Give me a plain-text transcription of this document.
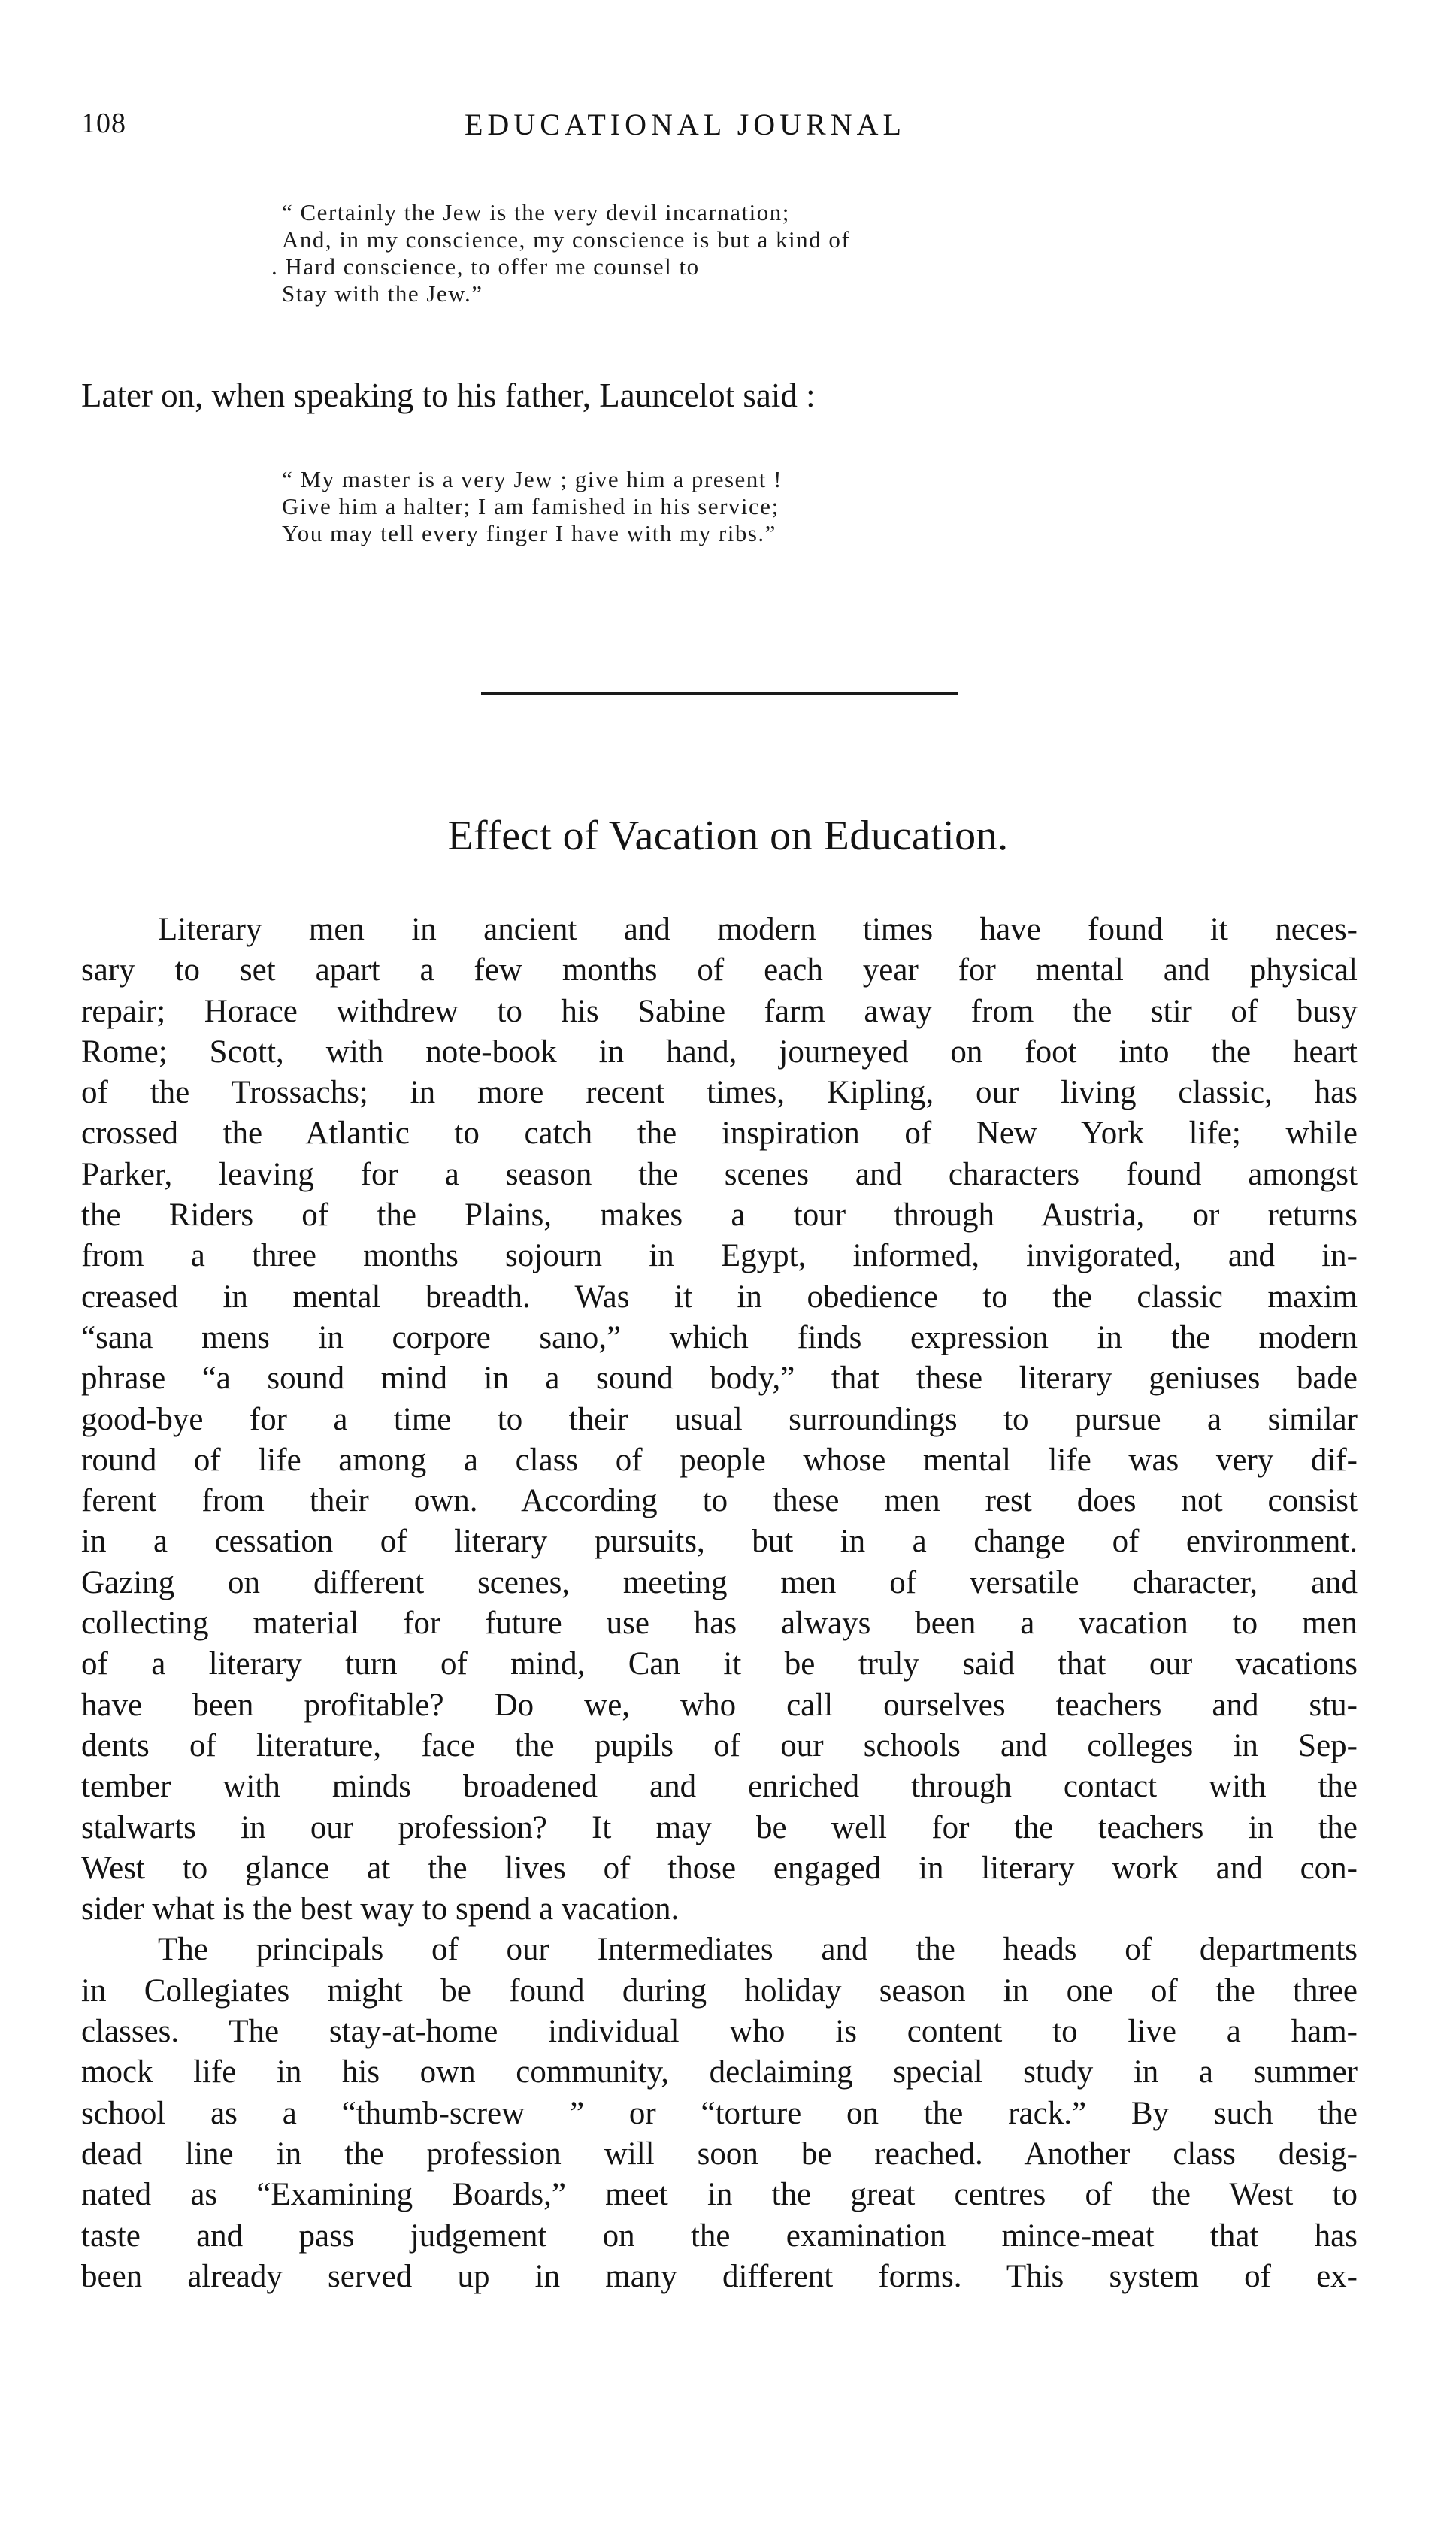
108	EDUCATIONAL JOURNAL
“ Certainly the Jew is the very devil incarnation;
And, in my conscience, my conscience is but a kind of
. Hard conscience, to offer me counsel to
Stay with the Jew.”
Later on, when speaking to his father, Launcelot said :
“ My master is a very Jew ; give him a present !
Give him a halter; I am famished in his service;
You may tell every finger I have with my ribs.”
Effect of Vacation on Education.
Literary men in ancient and modern times have found it neces-
sary to set apart a few months of each year for mental and physical
repair; Horace withdrew to his Sabine farm away from the stir of busy
Rome; Scott, with note-book in hand, journeyed on foot into the heart
of the Trossachs; in more recent times, Kipling, our living classic, has
crossed the Atlantic to catch the inspiration of New York life; while
Parker, leaving for a season the scenes and characters found amongst
the Riders of the Plains, makes a tour through Austria, or returns
from a three months sojourn in Egypt, informed, invigorated, and in-
creased in mental breadth. Was it in obedience to the classic maxim
“sana mens in corpore sano,” which finds expression in the modern
phrase “a sound mind in a sound body,” that these literary geniuses bade
good-bye for a time to their usual surroundings to pursue a similar
round of life among a class of people whose mental life was very dif-
ferent from their own. According to these men rest does not consist
in a cessation of literary pursuits, but in a change of environment.
Gazing on different scenes, meeting men of versatile character, and
collecting material for future use has always been a vacation to men
of a literary turn of mind, Can it be truly said that our vacations
have been profitable? Do we, who call ourselves teachers and stu-
dents of literature, face the pupils of our schools and colleges in Sep-
tember with minds broadened and enriched through contact with the
stalwarts in our profession? It may be well for the teachers in the
West to glance at the lives of those engaged in literary work and con-
sider what is the best way to spend a vacation.
The principals of our Intermediates and the heads of departments
in Collegiates might be found during holiday season in one of the three
classes. The stay-at-home individual who is content to live a ham-
mock life in his own community, declaiming special study in a summer
school as a “thumb-screw ” or “torture on the rack.” By such the
dead line in the profession will soon be reached. Another class desig-
nated as “Examining Boards,” meet in the great centres of the West to
taste and pass judgement on the examination mince-meat that has
been already served up in many different forms. This system of ex-
